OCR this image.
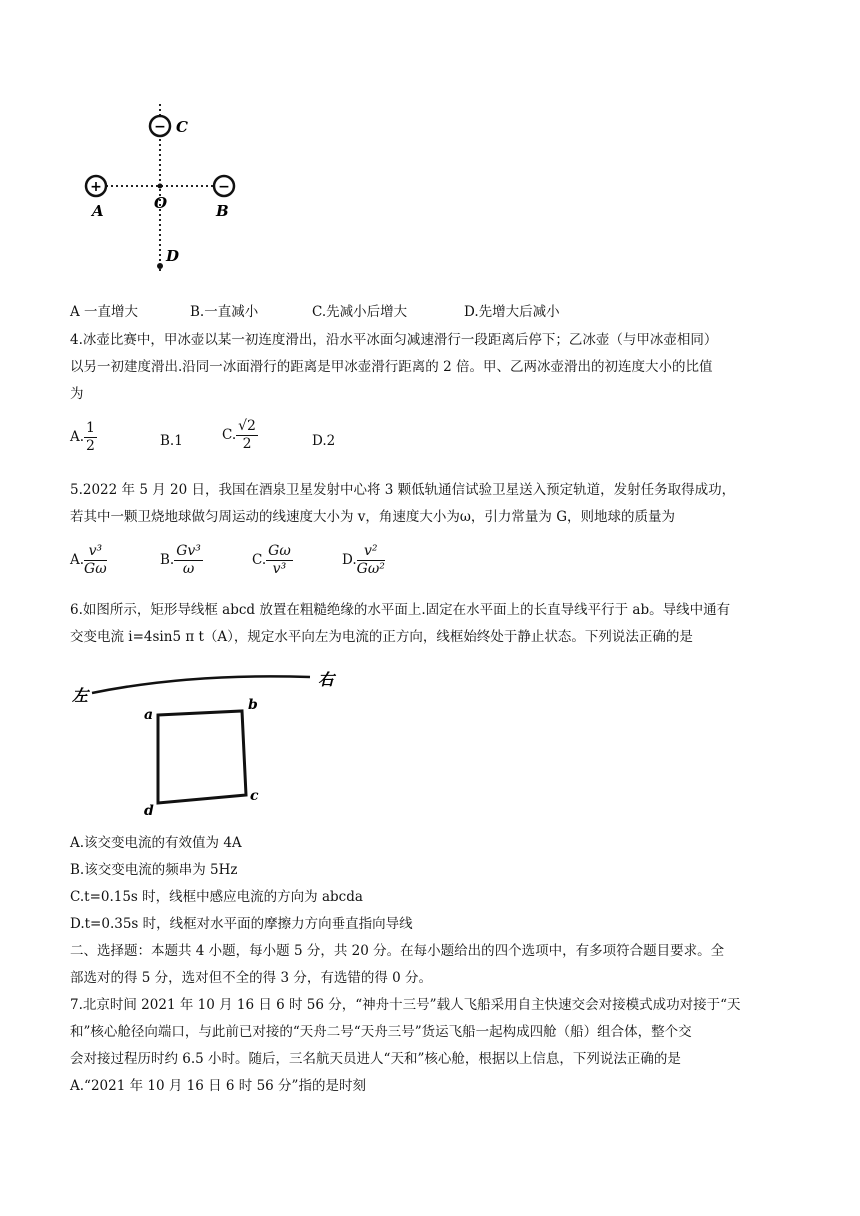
+	−
−
A	B
C
O
D
A 一直增大	B.一直减小	C.先减小后增大	D.先增大后减小
4.冰壶比赛中，甲冰壶以某一初连度滑出，沿水平冰面匀减速滑行一段距离后停下；乙冰壶（与甲冰壶相同）
以另一初建度滑出.沿同一冰面滑行的距离是甲冰壶滑行距离的 2 倍。甲、乙两冰壶滑出的初连度大小的比值
为
A. $\frac{1}{2}$	B.1	C. $\frac{√2}{2}$	D.2
5.2022 年 5 月 20 日，我国在酒泉卫星发射中心将 3 颗低轨通信试验卫星送入预定轨道，发射任务取得成功，
若其中一颗卫烧地球做匀周运动的线速度大小为 v，角速度大小为ω，引力常量为 G，则地球的质量为
A. $\frac{\text{v³}}{G\omega}$	B. $\frac{\text{Gv³}}{\omega}$	C. $\frac{G\omega}{\text{v³}}$	D. $\frac{\text{v²}}{\text{Gω²}}$
6.如图所示，矩形导线框 abcd 放置在粗糙绝缘的水平面上.固定在水平面上的长直导线平行于 ab。导线中通有
交变电流 i=4sin5 π t（A），规定水平向左为电流的正方向，线框始终处于静止状态。下列说法正确的是
左
右
a
b
c
d
A.该交变电流的有效值为 4A
B.该交变电流的频串为 5Hz
C.t=0.15s 时，线框中感应电流的方向为 abcda
D.t=0.35s 时，线框对水平面的摩擦力方向垂直指向导线
二、选择题：本题共 4 小题，每小题 5 分，共 20 分。在每小题给出的四个选项中，有多项符合题目要求。全
部选对的得 5 分，选对但不全的得 3 分，有选错的得 0 分。
7.北京时间 2021 年 10 月 16 日 6 时 56 分，“神舟十三号”载人飞船采用自主快速交会对接模式成功对接于“天
和”核心舱径向端口，与此前已对接的“天舟二号“天舟三号”货运飞船一起构成四舱（船）组合体，整个交
会对接过程历时约 6.5 小时。随后，三名航天员进人“天和”核心舱，根据以上信息，下列说法正确的是
A.“2021 年 10 月 16 日 6 时 56 分”指的是时刻
